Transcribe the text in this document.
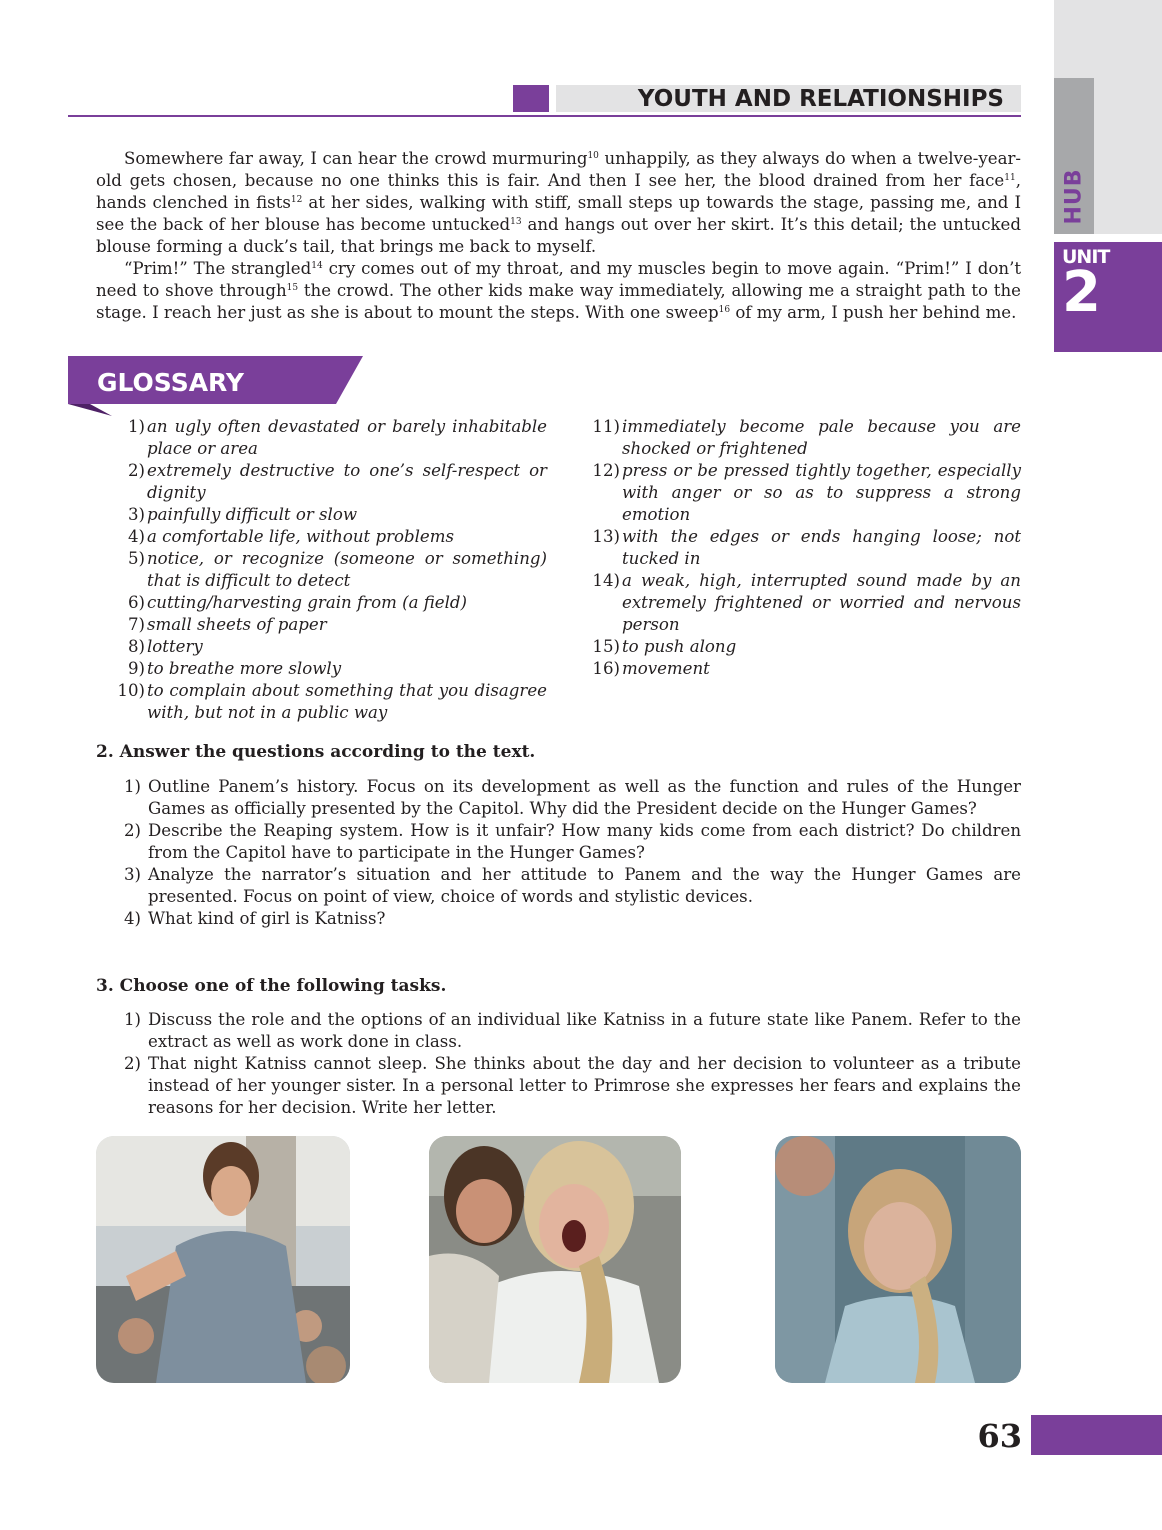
HUB
UNIT
2
YOUTH AND RELATIONSHIPS

Somewhere far away, I can hear the crowd murmuring$^{10}$ unhappily, as they always do when a twelve-year-old gets chosen, because no one thinks this is fair. And then I see her, the blood drained from her face$^{11}$, hands clenched in fists$^{12}$ at her sides, walking with stiff, small steps up towards the stage, passing me, and I see the back of her blouse has become untucked$^{13}$ and hangs out over her skirt. It’s this detail; the untucked blouse forming a duck’s tail, that brings me back to myself.

“Prim!” The strangled$^{14}$ cry comes out of my throat, and my muscles begin to move again. “Prim!” I don’t need to shove through$^{15}$ the crowd. The other kids make way immediately, allowing me a straight path to the stage. I reach her just as she is about to mount the steps. With one sweep$^{16}$ of my arm, I push her behind me.

GLOSSARY
1) an ugly often devastated or barely inhabitable place or area
2) extremely destructive to one’s self-respect or dignity
3) painfully difficult or slow
4) a comfortable life, without problems
5) notice, or recognize (someone or something) that is difficult to detect
6) cutting/harvesting grain from (a field)
7) small sheets of paper
8) lottery
9) to breathe more slowly
10) to complain about something that you disagree with, but not in a public way
11) immediately become pale because you are shocked or frightened
12) press or be pressed tightly together, especially with anger or so as to suppress a strong emotion
13) with the edges or ends hanging loose; not tucked in
14) a weak, high, interrupted sound made by an extremely frightened or worried and nervous person
15) to push along
16) movement
2. Answer the questions according to the text.
1) Outline Panem’s history. Focus on its development as well as the function and rules of the Hunger Games as officially presented by the Capitol. Why did the President decide on the Hunger Games?
2) Describe the Reaping system. How is it unfair? How many kids come from each district? Do children from the Capitol have to participate in the Hunger Games?
3) Analyze the narrator’s situation and her attitude to Panem and the way the Hunger Games are presented. Focus on point of view, choice of words and stylistic devices.
4) What kind of girl is Katniss?
3. Choose one of the following tasks.
1) Discuss the role and the options of an individual like Katniss in a future state like Panem. Refer to the extract as well as work done in class.
2) That night Katniss cannot sleep. She thinks about the day and her decision to volunteer as a tribute instead of her younger sister. In a personal letter to Primrose she expresses her fears and explains the reasons for her decision. Write her letter.
63
